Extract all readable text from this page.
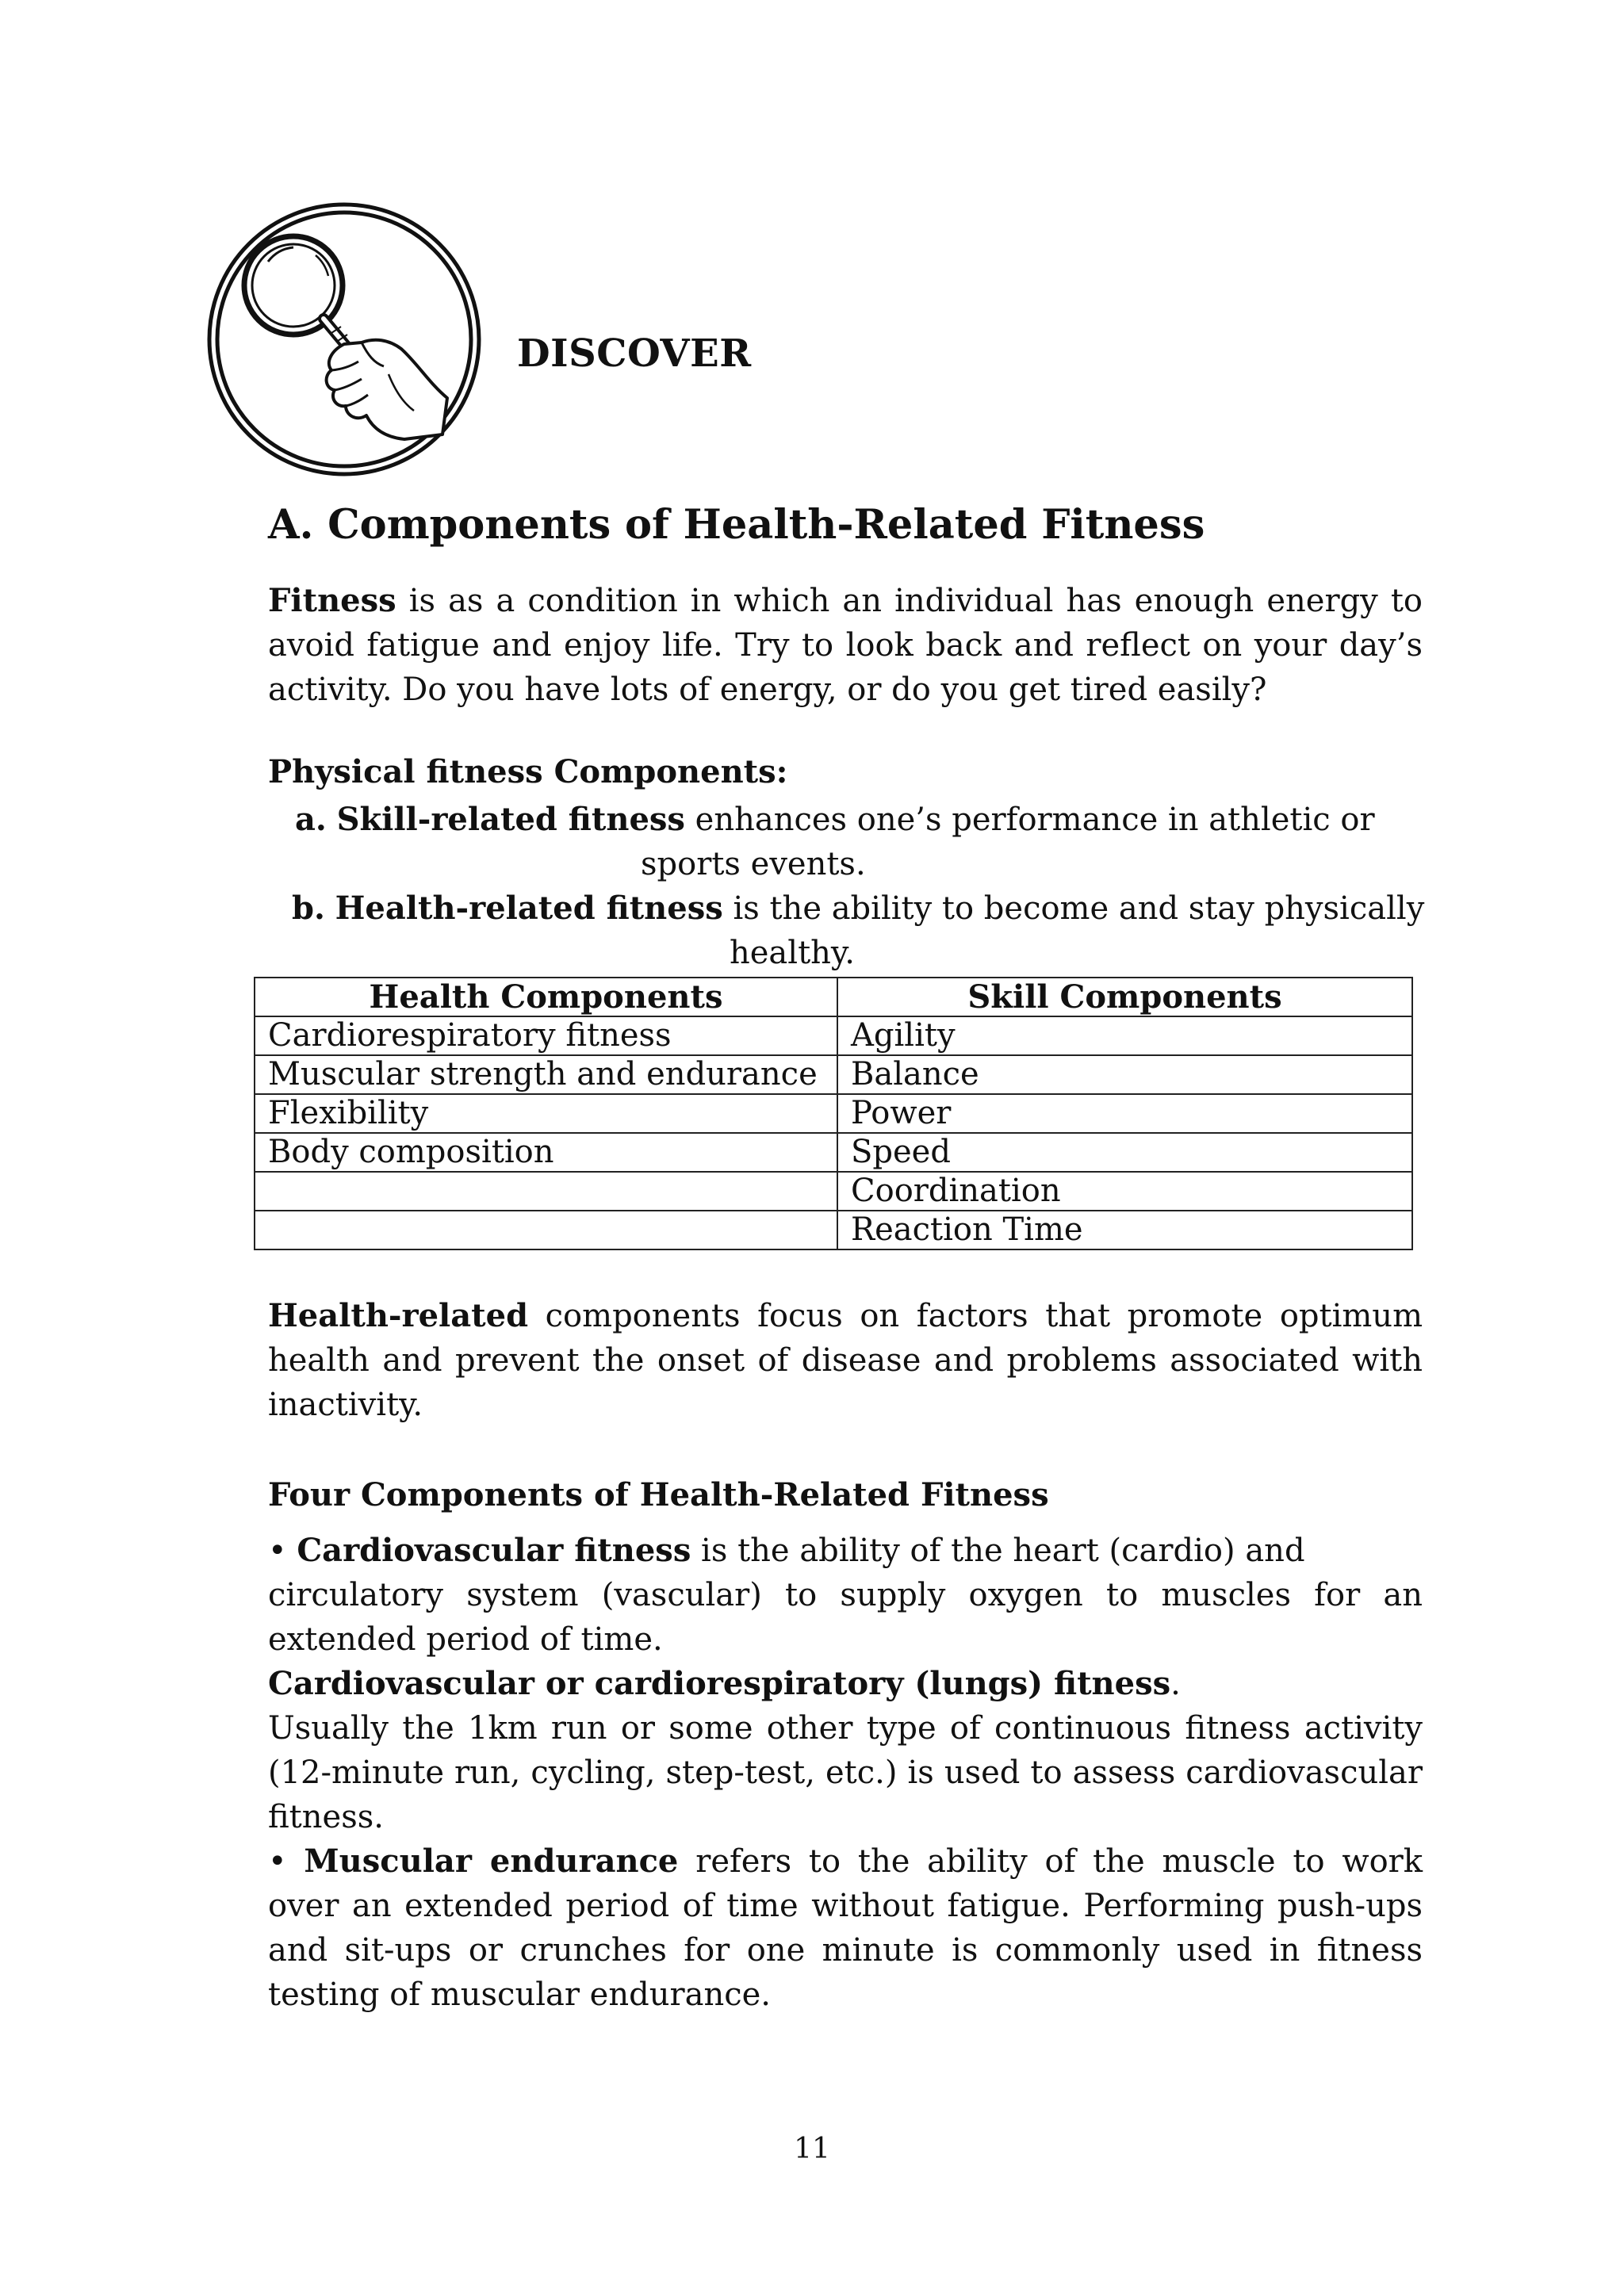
DISCOVER
A. Components of Health-Related Fitness
Fitness is as a condition in which an individual has enough energy to avoid fatigue and enjoy life. Try to look back and reflect on your day’s activity. Do you have lots of energy, or do you get tired easily?
Physical fitness Components:
a. Skill-related fitness enhances one’s performance in athletic or
sports events.
b. Health-related fitness is the ability to become and stay physically
healthy.
Health Components	Skill Components
Cardiorespiratory fitness	Agility
Muscular strength and endurance	Balance
Flexibility	Power
Body composition	Speed
	Coordination
	Reaction Time
Health-related components focus on factors that promote optimum health and prevent the onset of disease and problems associated with inactivity.
Four Components of Health-Related Fitness
• Cardiovascular fitness is the ability of the heart (cardio) and
circulatory system (vascular) to supply oxygen to muscles for an extended period of time.
Cardiovascular or cardiorespiratory (lungs) fitness.
Usually the 1km run or some other type of continuous fitness activity (12-minute run, cycling, step-test, etc.) is used to assess cardiovascular fitness.
• Muscular endurance refers to the ability of the muscle to work over an extended period of time without fatigue. Performing push-ups and sit-ups or crunches for one minute is commonly used in fitness testing of muscular endurance.
11
